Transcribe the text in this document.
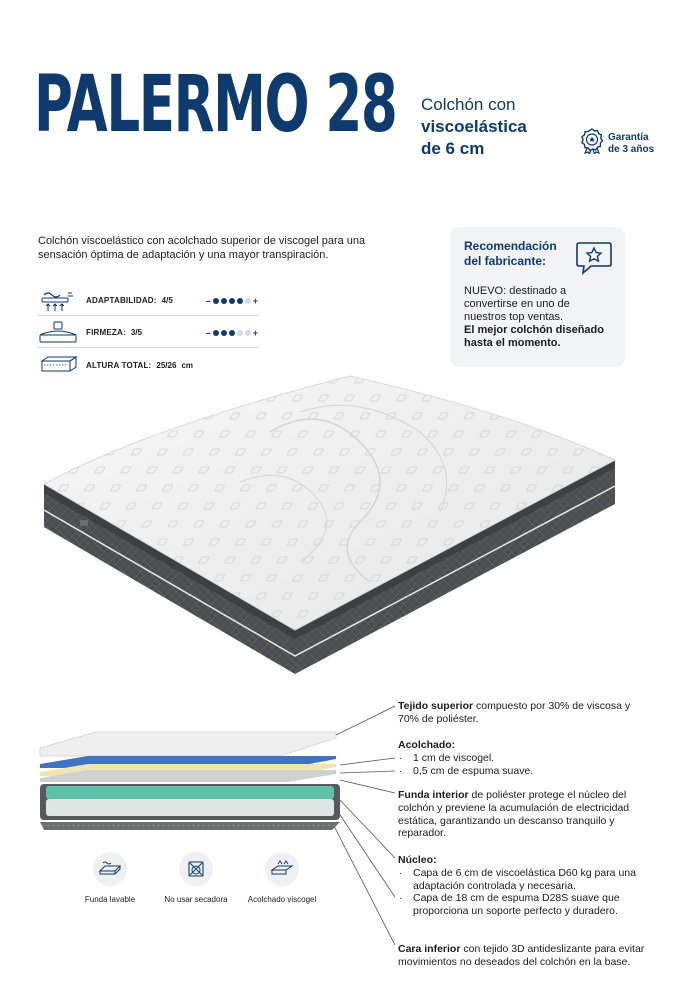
PALERMO 28 Colchón con
viscoelástica
de 6 cm
Garantía
de 3 años
Colchón viscoelástico con acolchado superior de viscogel para una sensación óptima de adaptación y una mayor transpiración.
ADAPTABILIDAD: 4/5	–	+
FIRMEZA: 3/5	–	+
ALTURA TOTAL: 25/26 cm
Recomendación del fabricante:
NUEVO: destinado a convertirse en uno de nuestros top ventas.
El mejor colchón diseñado hasta el momento.
Funda lavable	No usar secadora	Acolchado viscogel
Tejido superior compuesto por 30% de viscosa y 70% de poliéster.
Acolchado:
· 1 cm de viscogel.
· 0,5 cm de espuma suave.
Funda interior de poliéster protege el núcleo del colchón y previene la acumulación de electricidad estática, garantizando un descanso tranquilo y reparador.
Núcleo:
· Capa de 6 cm de viscoelástica D60 kg para una adaptación controlada y necesaria.
· Capa de 18 cm de espuma D28S suave que proporciona un soporte perfecto y duradero.
Cara inferior con tejido 3D antideslizante para evitar movimientos no deseados del colchón en la base.
